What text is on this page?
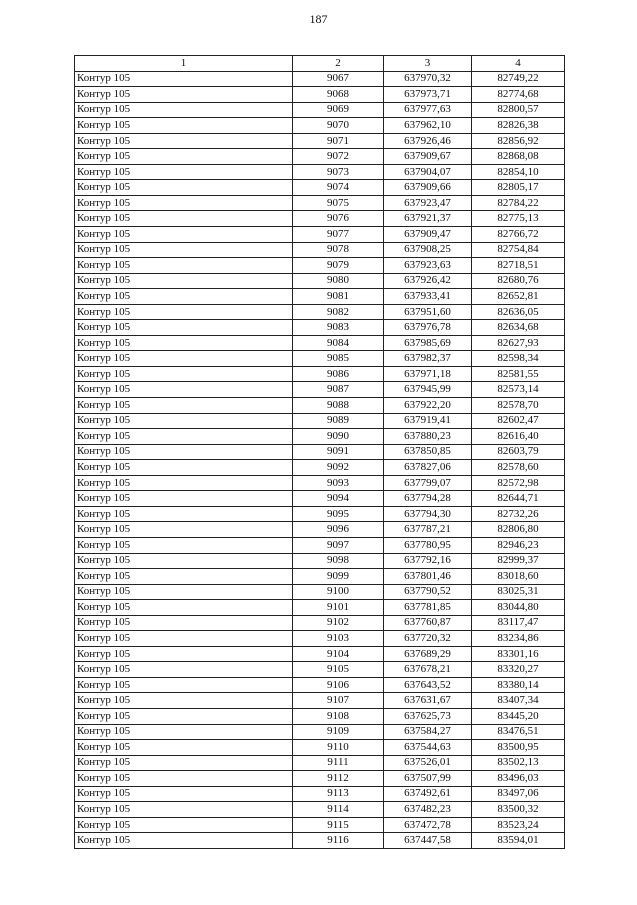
187
1	2	3	4
Контур 105	9067	637970,32	82749,22
Контур 105	9068	637973,71	82774,68
Контур 105	9069	637977,63	82800,57
Контур 105	9070	637962,10	82826,38
Контур 105	9071	637926,46	82856,92
Контур 105	9072	637909,67	82868,08
Контур 105	9073	637904,07	82854,10
Контур 105	9074	637909,66	82805,17
Контур 105	9075	637923,47	82784,22
Контур 105	9076	637921,37	82775,13
Контур 105	9077	637909,47	82766,72
Контур 105	9078	637908,25	82754,84
Контур 105	9079	637923,63	82718,51
Контур 105	9080	637926,42	82680,76
Контур 105	9081	637933,41	82652,81
Контур 105	9082	637951,60	82636,05
Контур 105	9083	637976,78	82634,68
Контур 105	9084	637985,69	82627,93
Контур 105	9085	637982,37	82598,34
Контур 105	9086	637971,18	82581,55
Контур 105	9087	637945,99	82573,14
Контур 105	9088	637922,20	82578,70
Контур 105	9089	637919,41	82602,47
Контур 105	9090	637880,23	82616,40
Контур 105	9091	637850,85	82603,79
Контур 105	9092	637827,06	82578,60
Контур 105	9093	637799,07	82572,98
Контур 105	9094	637794,28	82644,71
Контур 105	9095	637794,30	82732,26
Контур 105	9096	637787,21	82806,80
Контур 105	9097	637780,95	82946,23
Контур 105	9098	637792,16	82999,37
Контур 105	9099	637801,46	83018,60
Контур 105	9100	637790,52	83025,31
Контур 105	9101	637781,85	83044,80
Контур 105	9102	637760,87	83117,47
Контур 105	9103	637720,32	83234,86
Контур 105	9104	637689,29	83301,16
Контур 105	9105	637678,21	83320,27
Контур 105	9106	637643,52	83380,14
Контур 105	9107	637631,67	83407,34
Контур 105	9108	637625,73	83445,20
Контур 105	9109	637584,27	83476,51
Контур 105	9110	637544,63	83500,95
Контур 105	9111	637526,01	83502,13
Контур 105	9112	637507,99	83496,03
Контур 105	9113	637492,61	83497,06
Контур 105	9114	637482,23	83500,32
Контур 105	9115	637472,78	83523,24
Контур 105	9116	637447,58	83594,01
